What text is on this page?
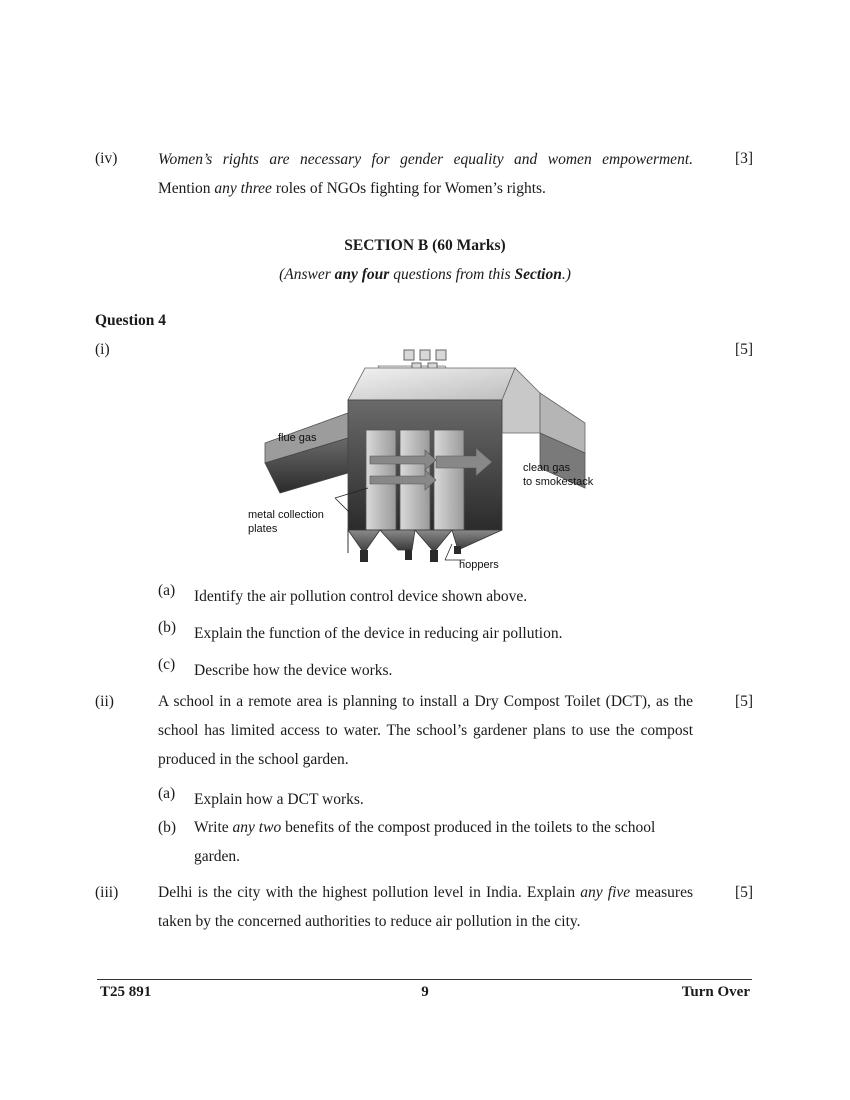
(iv)	Women’s rights are necessary for gender equality and women empowerment.
Mention any three roles of NGOs fighting for Women’s rights.
[3]
SECTION B (60 Marks)
(Answer any four questions from this Section.)
Question 4
(i)	[5]
flue gas
clean gas
to smokestack
metal collection
plates
hoppers
(a)	Identify the air pollution control device shown above.
(b)	Explain the function of the device in reducing air pollution.
(c)	Describe how the device works.
(ii)	A school in a remote area is planning to install a Dry Compost Toilet (DCT), as the school has limited access to water. The school’s gardener plans to use the compost produced in the school garden.
[5]
(a)	Explain how a DCT works.
(b)	Write any two benefits of the compost produced in the toilets to the school garden.
(iii)	Delhi is the city with the highest pollution level in India. Explain any five measures taken by the concerned authorities to reduce air pollution in the city.
[5]
T25 891	9	Turn Over
